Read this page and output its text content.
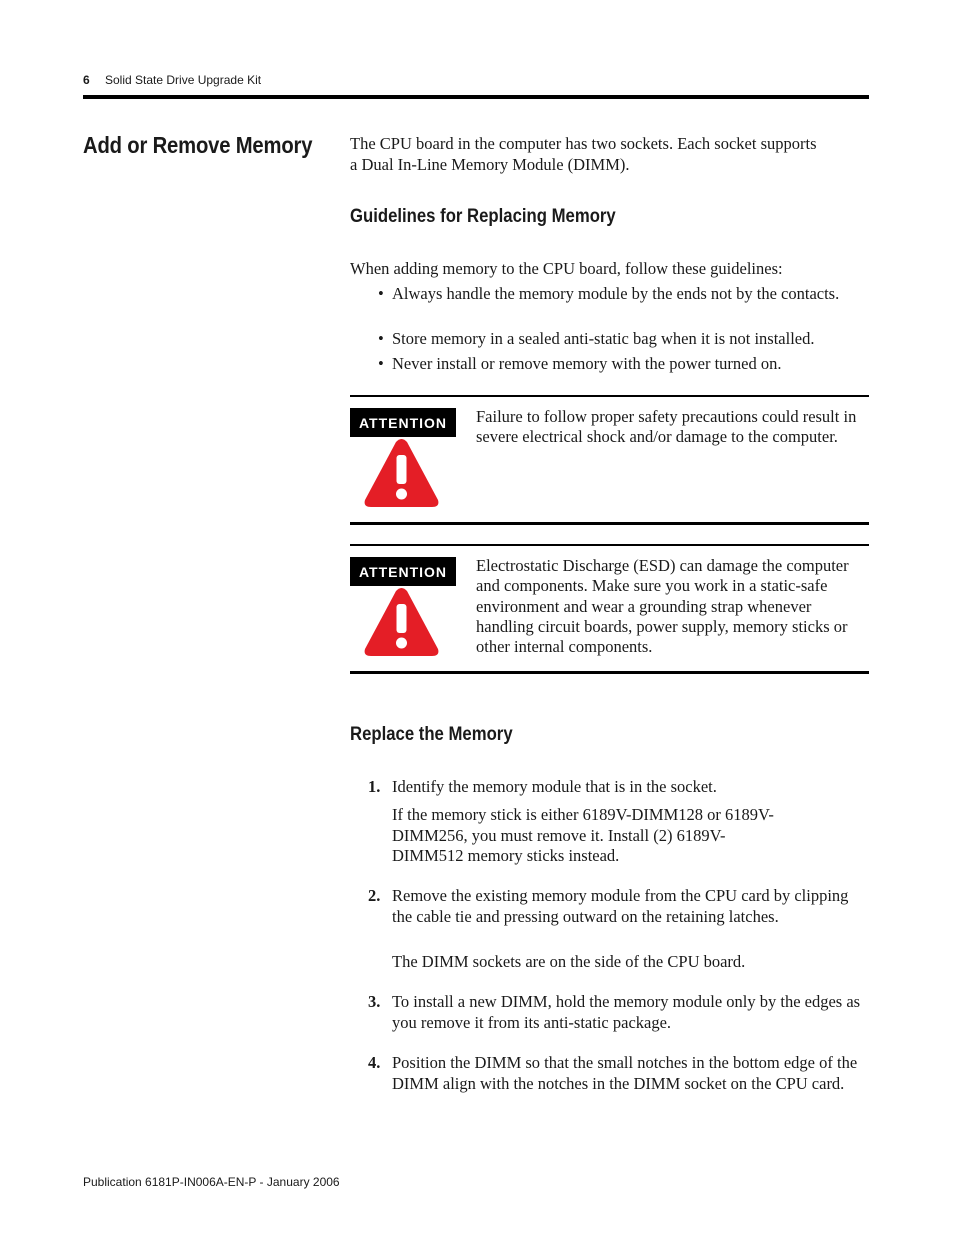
6 Solid State Drive Upgrade Kit
Add or Remove Memory The CPU board in the computer has two sockets. Each socket supports a Dual In-Line Memory Module (DIMM).
Guidelines for Replacing Memory
When adding memory to the CPU board, follow these guidelines:
• Always handle the memory module by the ends not by the contacts.
• Store memory in a sealed anti-static bag when it is not installed.
• Never install or remove memory with the power turned on.
ATTENTION	Failure to follow proper safety precautions could result in severe electrical shock and/or damage to the computer.
ATTENTION	Electrostatic Discharge (ESD) can damage the computer and components. Make sure you work in a static-safe environment and wear a grounding strap whenever handling circuit boards, power supply, memory sticks or other internal components.
Replace the Memory
1. Identify the memory module that is in the socket.
If the memory stick is either 6189V-DIMM128 or 6189V-DIMM256, you must remove it. Install (2) 6189V-DIMM512 memory sticks instead.
2. Remove the existing memory module from the CPU card by clipping the cable tie and pressing outward on the retaining latches.
The DIMM sockets are on the side of the CPU board.
3. To install a new DIMM, hold the memory module only by the edges as you remove it from its anti-static package.
4. Position the DIMM so that the small notches in the bottom edge of the DIMM align with the notches in the DIMM socket on the CPU card.
Publication 6181P-IN006A-EN-P - January 2006
